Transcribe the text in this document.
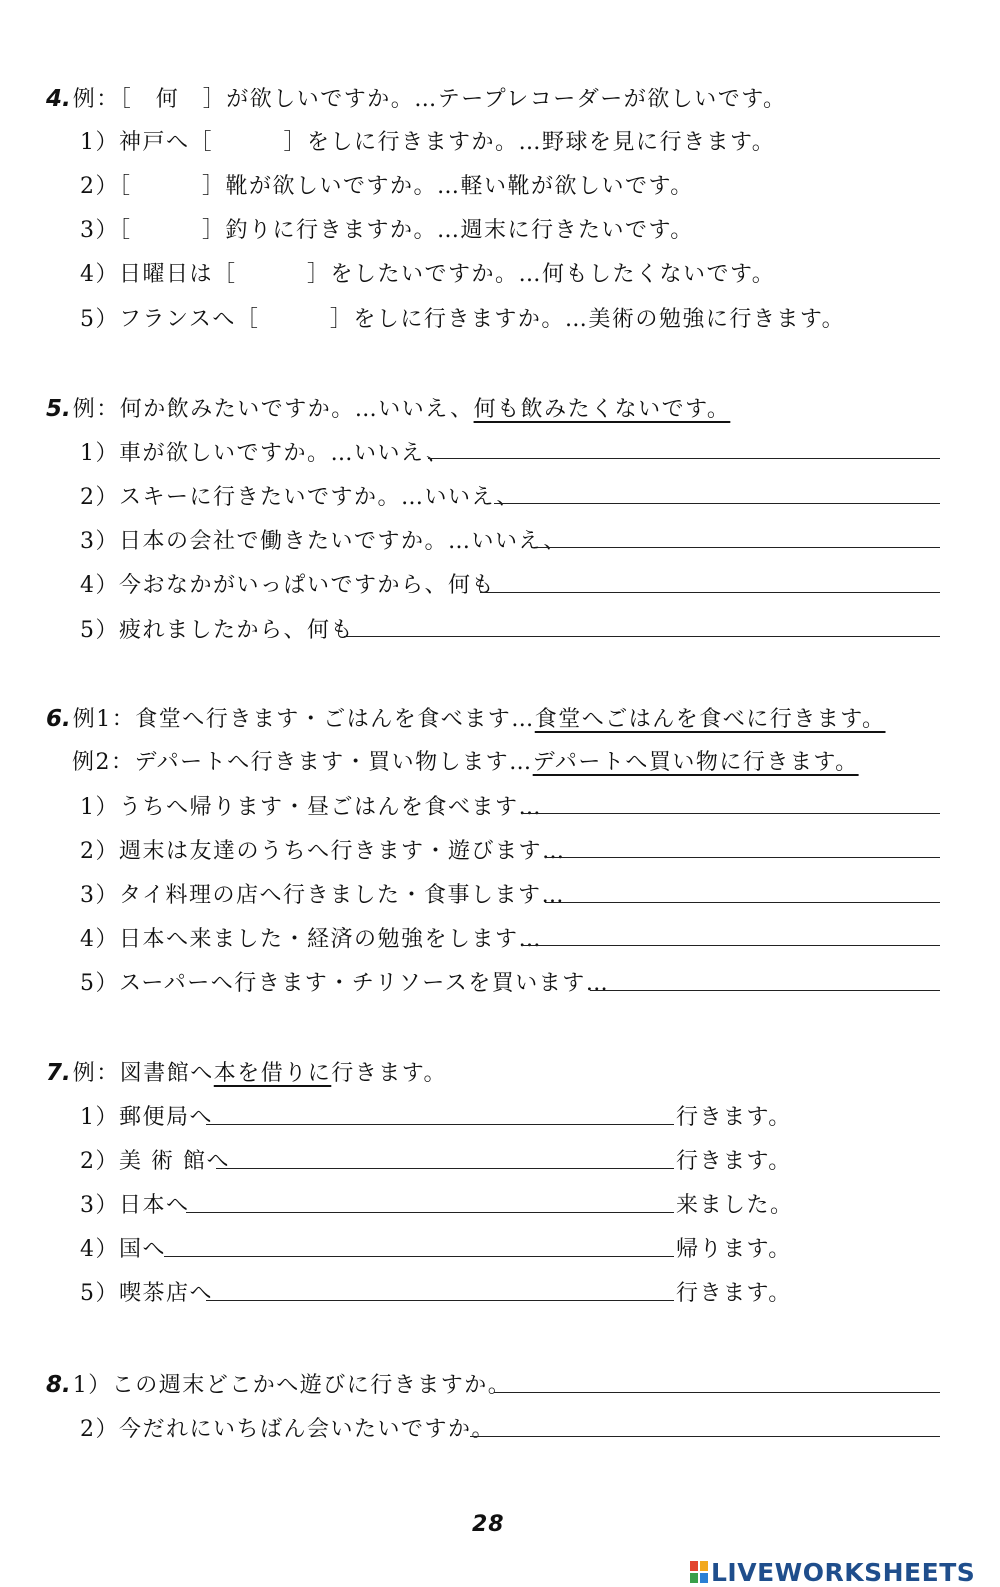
4.例：［　何　］が欲しいですか。…テープレコーダーが欲しいです。
1）神戸へ［　　　］をしに行きますか。…野球を見に行きます。
2）［　　　］靴が欲しいですか。…軽い靴が欲しいです。
3）［　　　］釣りに行きますか。…週末に行きたいです。
4）日曜日は［　　　］をしたいですか。…何もしたくないです。
5）フランスへ［　　　］をしに行きますか。…美術の勉強に行きます。
5.例：何か飲みたいですか。…いいえ、何も飲みたくないです。
1）車が欲しいですか。…いいえ、
2）スキーに行きたいですか。…いいえ、
3）日本の会社で働きたいですか。…いいえ、
4）今おなかがいっぱいですから、何も
5）疲れましたから、何も
6.例1：食堂へ行きます・ごはんを食べます…食堂へごはんを食べに行きます。
例2：デパートへ行きます・買い物します…デパートへ買い物に行きます。
1）うちへ帰ります・昼ごはんを食べます…
2）週末は友達のうちへ行きます・遊びます…
3）タイ料理の店へ行きました・食事します…
4）日本へ来ました・経済の勉強をします…
5）スーパーへ行きます・チリソースを買います…
7.例：図書館へ本を借りに行きます。
1）郵便局へ	行きます。
2）美 術 館へ	行きます。
3）日本へ	来ました。
4）国へ	帰ります。
5）喫茶店へ	行きます。
8.1）この週末どこかへ遊びに行きますか。
2）今だれにいちばん会いたいですか。
28
LIVEWORKSHEETS
